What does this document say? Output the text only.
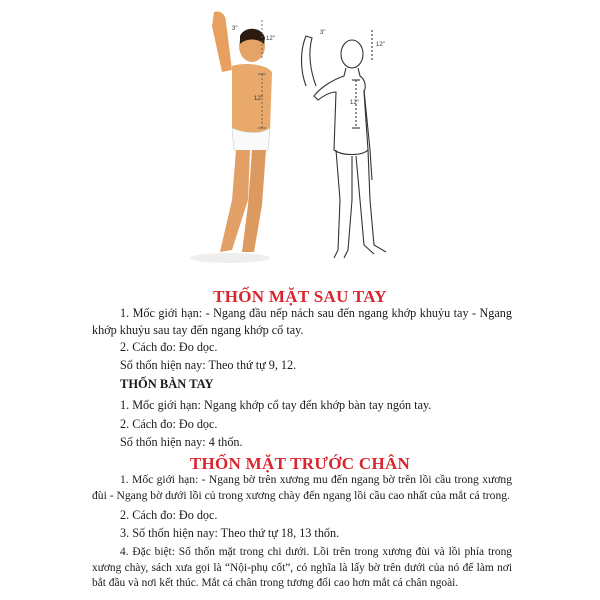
12"
12"
3"
12"
12"
3"
THỐN MẶT SAU TAY
1. Mốc giới hạn: - Ngang đầu nếp nách sau đến ngang khớp khuỷu tay - Ngang khớp khuỷu sau tay đến ngang khớp cổ tay.
2. Cách đo: Đo dọc.
Số thốn hiện nay: Theo thứ tự 9, 12.
THỐN BÀN TAY
1. Mốc giới hạn: Ngang khớp cổ tay đến khớp bàn tay ngón tay.
2. Cách đo: Đo dọc.
Số thốn hiện nay: 4 thốn.
THỐN MẶT TRƯỚC CHÂN
1. Mốc giới hạn: - Ngang bờ trên xương mu đến ngang bờ trên lồi cầu trong xương đùi - Ngang bờ dưới lồi củ trong xương chày đến ngang lồi cầu cao nhất của mắt cá trong.
2. Cách đo: Đo dọc.
3. Số thốn hiện nay: Theo thứ tự 18, 13 thốn.
4. Đặc biệt: Số thốn mặt trong chi dưới. Lồi trên trong xương đùi và lồi phía trong xương chày, sách xưa gọi là “Nội-phụ cốt”, có nghĩa là lấy bờ trên dưới của nó để làm nơi bắt đầu và nơi kết thúc. Mắt cá chân trong tương đối cao hơn mắt cá chân ngoài.
